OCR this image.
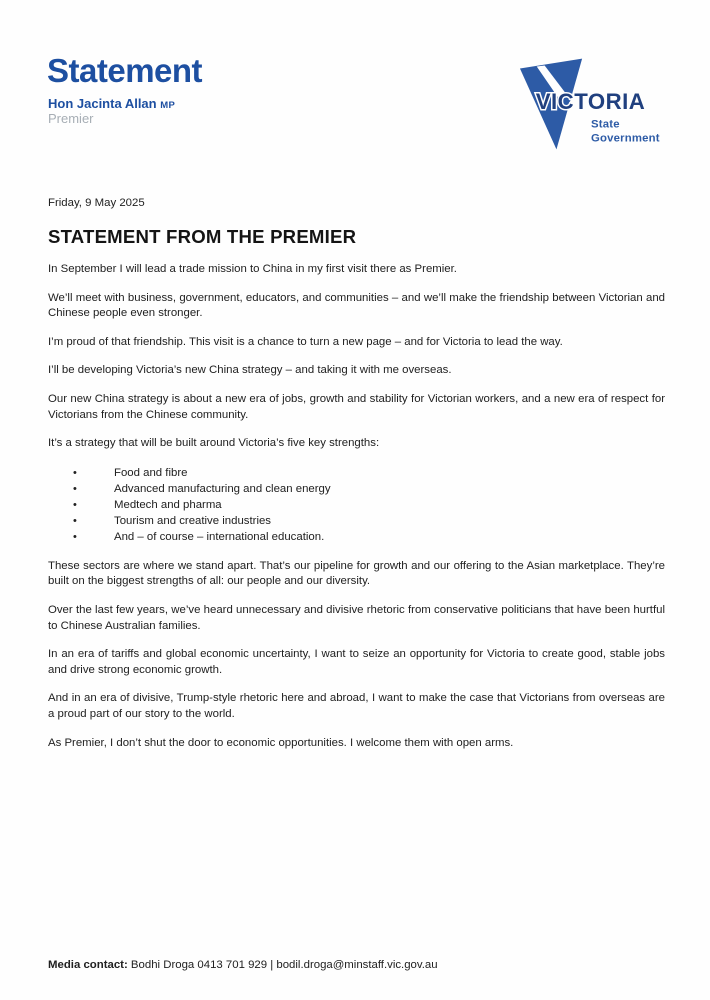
Statement
Hon Jacinta Allan MP
Premier
VICTORIA
State
Government

Friday, 9 May 2025

STATEMENT FROM THE PREMIER

In September I will lead a trade mission to China in my first visit there as Premier.

We’ll meet with business, government, educators, and communities – and we’ll make the friendship between Victorian and Chinese people even stronger.

I’m proud of that friendship. This visit is a chance to turn a new page – and for Victoria to lead the way.

I’ll be developing Victoria’s new China strategy – and taking it with me overseas.

Our new China strategy is about a new era of jobs, growth and stability for Victorian workers, and a new era of respect for Victorians from the Chinese community.

It’s a strategy that will be built around Victoria’s five key strengths:

•	Food and fibre
•	Advanced manufacturing and clean energy
•	Medtech and pharma
•	Tourism and creative industries
•	And – of course – international education.

These sectors are where we stand apart. That’s our pipeline for growth and our offering to the Asian marketplace. They’re built on the biggest strengths of all: our people and our diversity.

Over the last few years, we’ve heard unnecessary and divisive rhetoric from conservative politicians that have been hurtful to Chinese Australian families.

In an era of tariffs and global economic uncertainty, I want to seize an opportunity for Victoria to create good, stable jobs and drive strong economic growth.

And in an era of divisive, Trump-style rhetoric here and abroad, I want to make the case that Victorians from overseas are a proud part of our story to the world.

As Premier, I don’t shut the door to economic opportunities. I welcome them with open arms.

Media contact: Bodhi Droga 0413 701 929 | bodil.droga@minstaff.vic.gov.au
